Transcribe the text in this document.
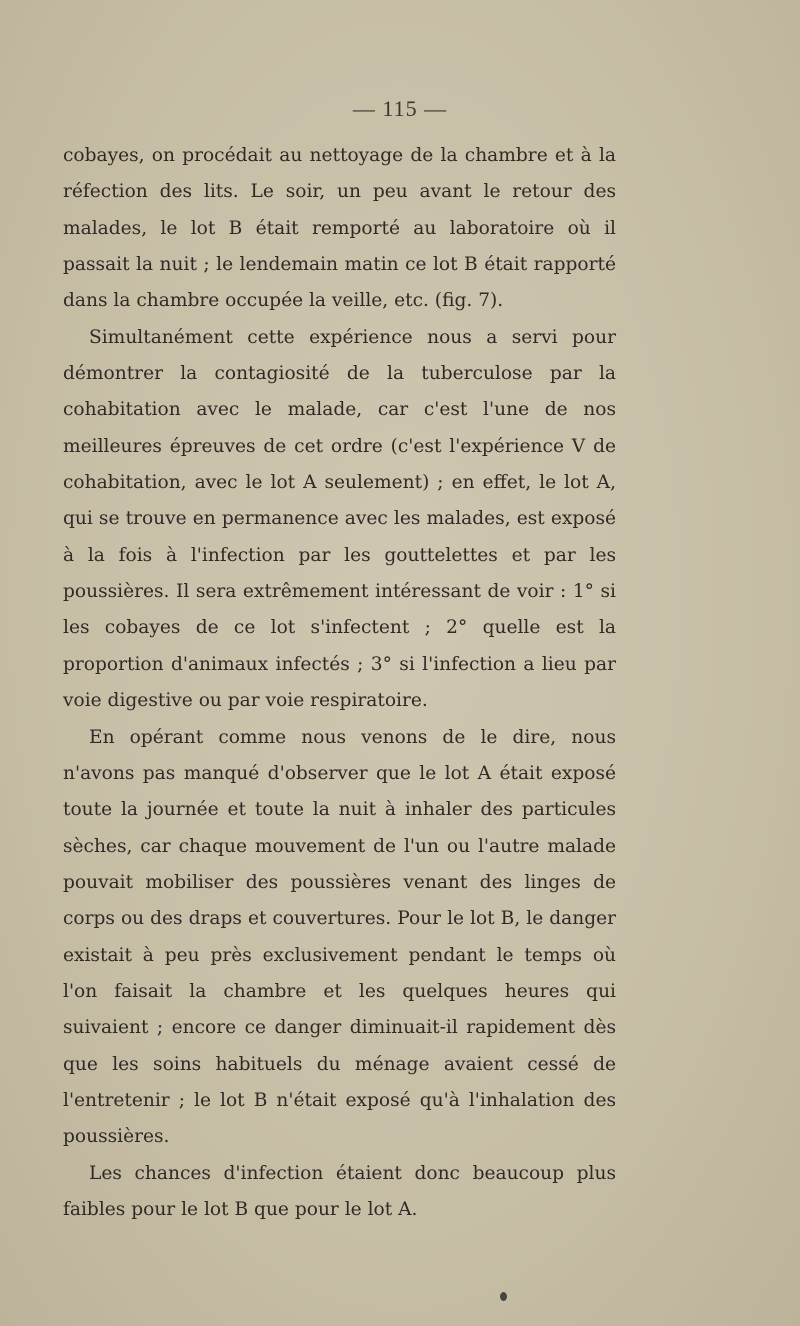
— 115 —

cobayes, on procédait au nettoyage de la chambre et à la réfection des lits. Le soir, un peu avant le retour des malades, le lot B était remporté au laboratoire où il passait la nuit ; le lendemain matin ce lot B était rapporté dans la chambre occupée la veille, etc. (fig. 7).

Simultanément cette expérience nous a servi pour démontrer la contagiosité de la tuberculose par la cohabitation avec le malade, car c'est l'une de nos meilleures épreuves de cet ordre (c'est l'expérience V de cohabitation, avec le lot A seulement) ; en effet, le lot A, qui se trouve en permanence avec les malades, est exposé à la fois à l'infection par les gouttelettes et par les poussières. Il sera extrêmement intéressant de voir : 1° si les cobayes de ce lot s'infectent ; 2° quelle est la proportion d'animaux infectés ; 3° si l'infection a lieu par voie digestive ou par voie respiratoire.

En opérant comme nous venons de le dire, nous n'avons pas manqué d'observer que le lot A était exposé toute la journée et toute la nuit à inhaler des particules sèches, car chaque mouvement de l'un ou l'autre malade pouvait mobiliser des poussières venant des linges de corps ou des draps et couvertures. Pour le lot B, le danger existait à peu près exclusivement pendant le temps où l'on faisait la chambre et les quelques heures qui suivaient ; encore ce danger diminuait-il rapidement dès que les soins habituels du ménage avaient cessé de l'entretenir ; le lot B n'était exposé qu'à l'inhalation des poussières.

Les chances d'infection étaient donc beaucoup plus faibles pour le lot B que pour le lot A.
